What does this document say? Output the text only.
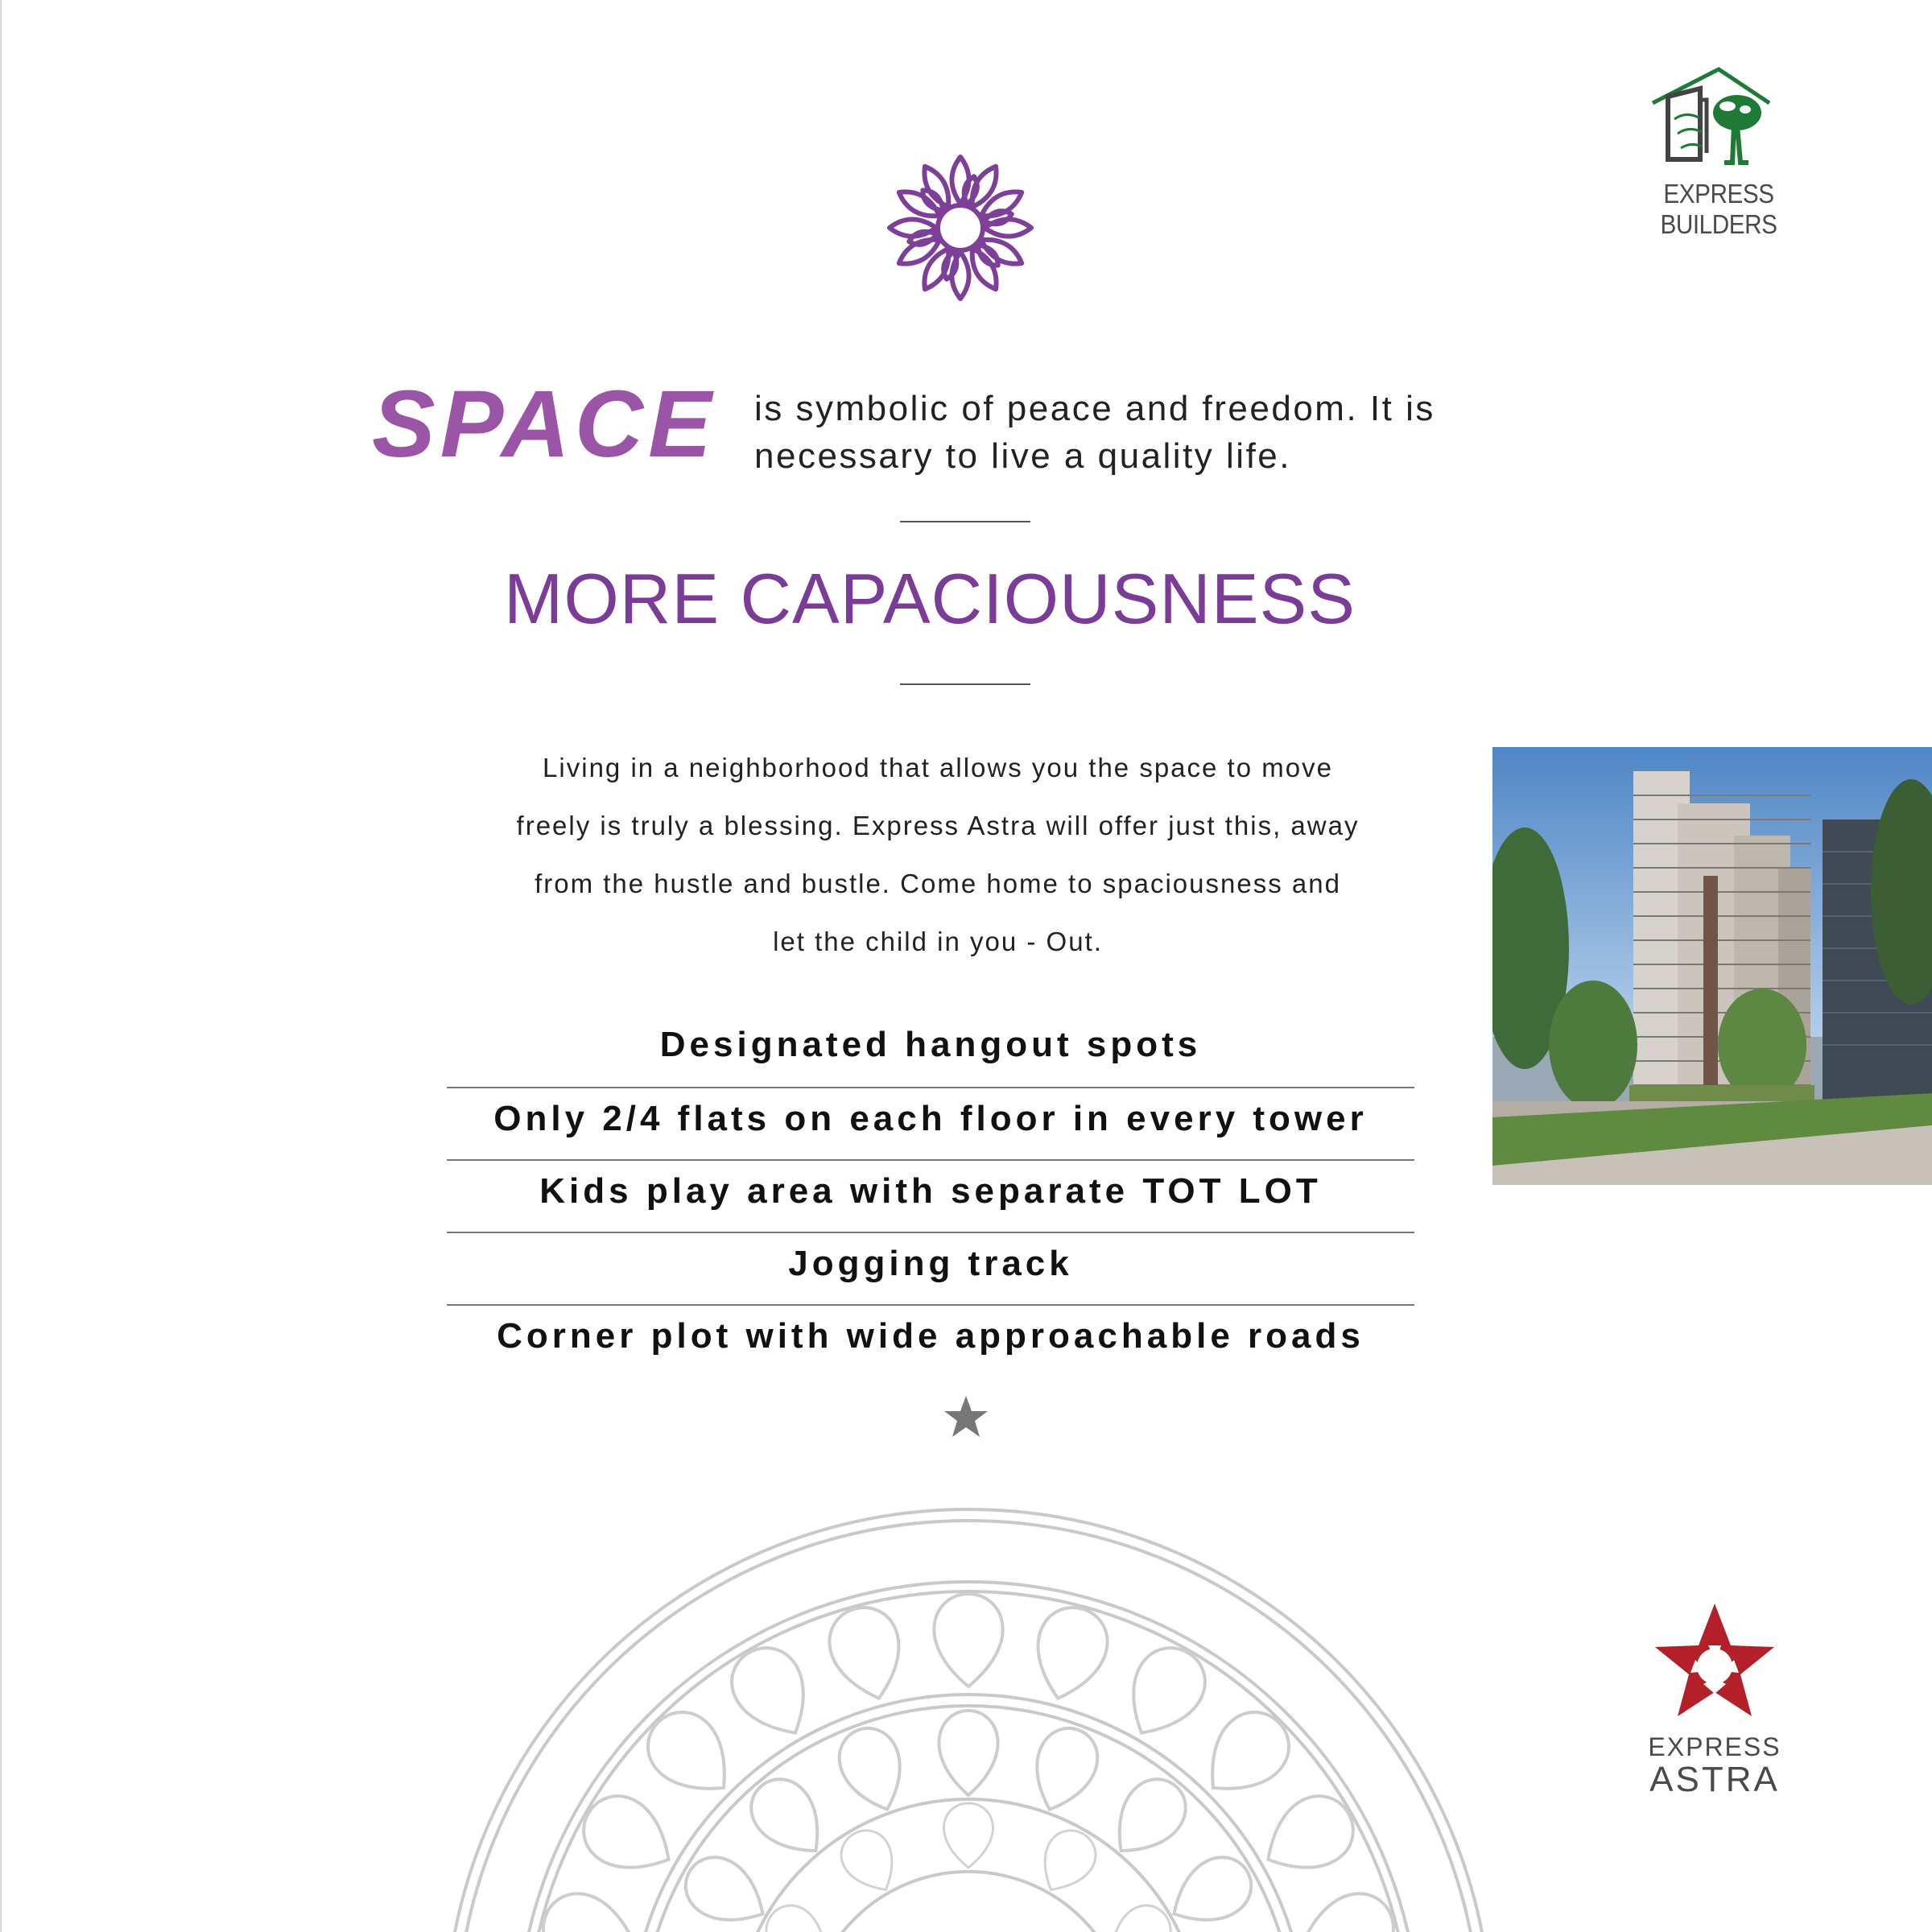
EXPRESS BUILDERS
SPACE is symbolic of peace and freedom. It is necessary to live a quality life.
MORE CAPACIOUSNESS
Living in a neighborhood that allows you the space to move freely is truly a blessing. Express Astra will offer just this, away from the hustle and bustle. Come home to spaciousness and let the child in you - Out.
Designated hangout spots
Only 2/4 flats on each floor in every tower
Kids play area with separate TOT LOT
Jogging track
Corner plot with wide approachable roads
EXPRESS
ASTRA
